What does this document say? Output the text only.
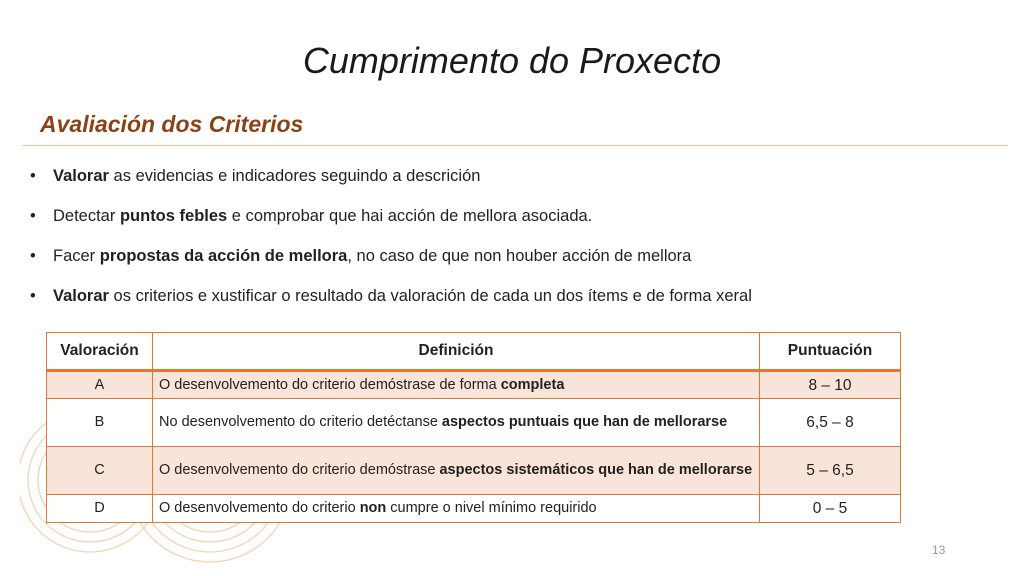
Cumprimento do Proxecto
Avaliación dos Criterios
• Valorar as evidencias e indicadores seguindo a descrición
• Detectar puntos febles e comprobar que hai acción de mellora asociada.
• Facer propostas da acción de mellora, no caso de que non houber acción de mellora
• Valorar os criterios e xustificar o resultado da valoración de cada un dos ítems e de forma xeral
Valoración	Definición	Puntuación
A	O desenvolvemento do criterio demóstrase de forma completa	8 – 10
B	No desenvolvemento do criterio detéctanse aspectos puntuais que han de mellorarse	6,5 – 8
C	O desenvolvemento do criterio demóstrase aspectos sistemáticos que han de mellorarse	5 – 6,5
D	O desenvolvemento do criterio non cumpre o nivel mínimo requirido	0 – 5
13
